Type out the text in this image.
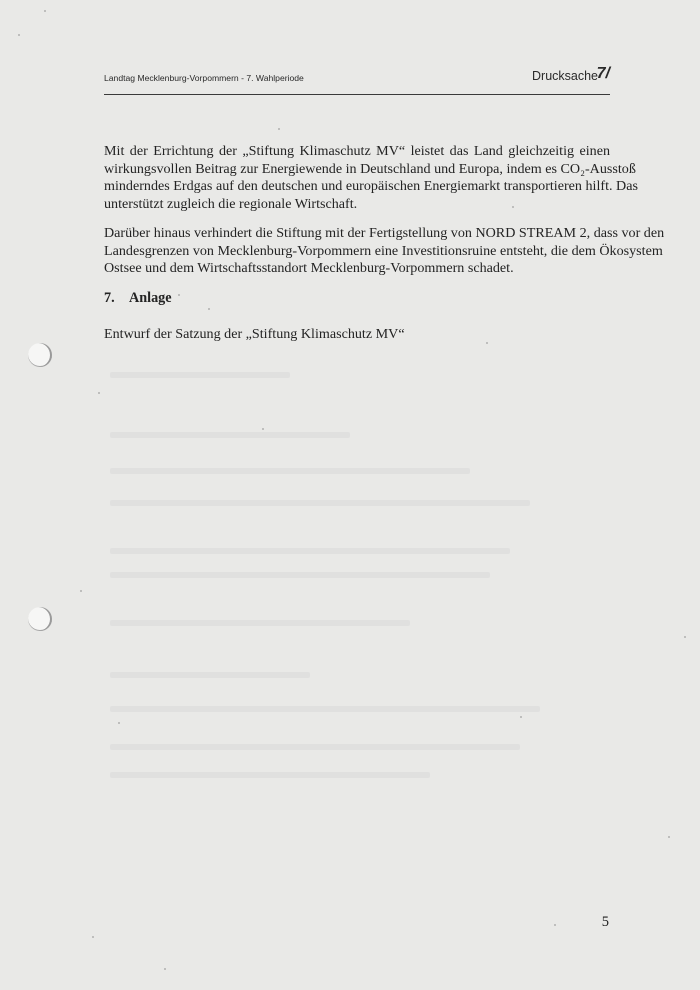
Landtag Mecklenburg-Vorpommern - 7. Wahlperiode	Drucksache
7/
Mit der Errichtung der „Stiftung Klimaschutz MV“ leistet das Land gleichzeitig einen
wirkungsvollen Beitrag zur Energiewende in Deutschland und Europa, indem es CO₂-Ausstoß
minderndes Erdgas auf den deutschen und europäischen Energiemarkt transportieren hilft. Das
unterstützt zugleich die regionale Wirtschaft.
Darüber hinaus verhindert die Stiftung mit der Fertigstellung von NORD STREAM 2, dass vor den
Landesgrenzen von Mecklenburg-Vorpommern eine Investitionsruine entsteht, die dem Ökosystem
Ostsee und dem Wirtschaftsstandort Mecklenburg-Vorpommern schadet.
7. Anlage
Entwurf der Satzung der „Stiftung Klimaschutz MV“
5
